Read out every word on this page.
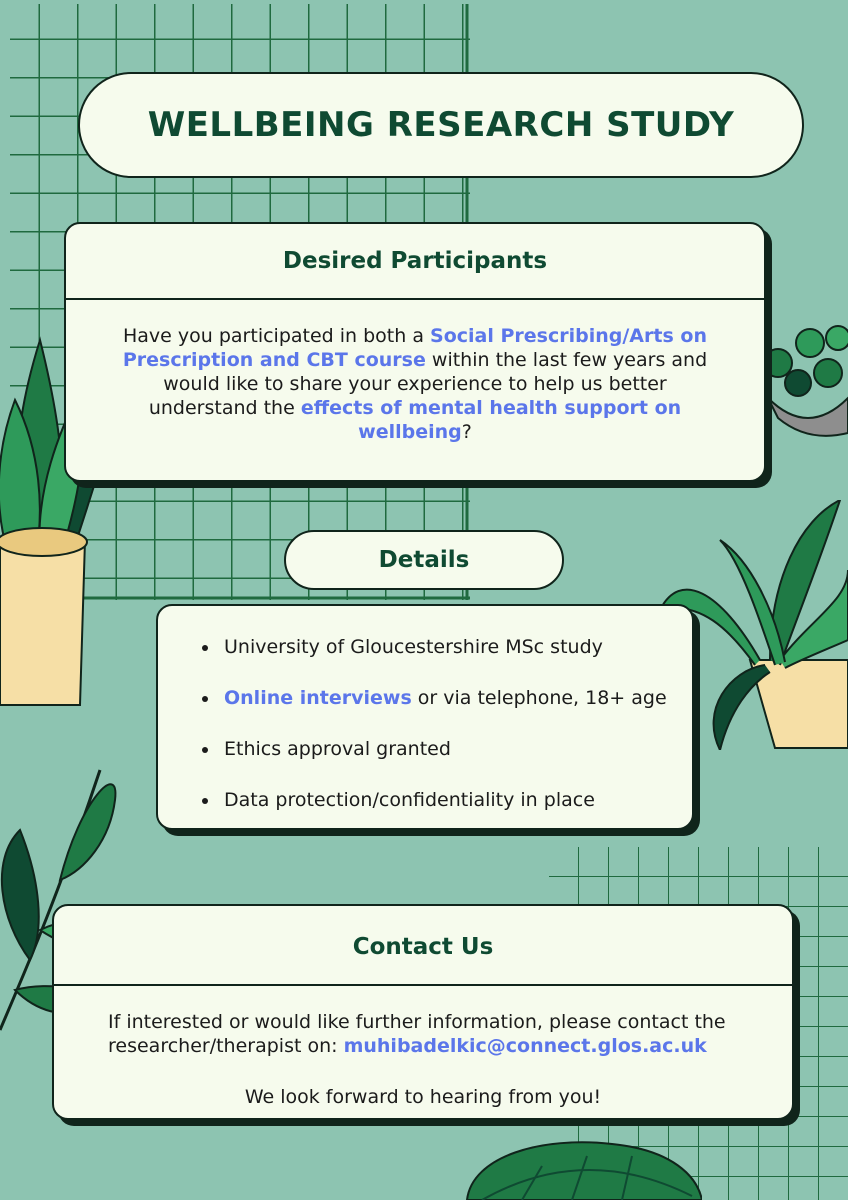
WELLBEING RESEARCH STUDY
Desired Participants
Have you participated in both a Social Prescribing/Arts on Prescription and CBT course within the last few years and would like to share your experience to help us better understand the effects of mental health support on wellbeing?
Details
• University of Gloucestershire MSc study
• Online interviews or via telephone, 18+ age
• Ethics approval granted
• Data protection/confidentiality in place
Contact Us
If interested or would like further information, please contact the researcher/therapist on: muhibadelkic@connect.glos.ac.uk
We look forward to hearing from you!
